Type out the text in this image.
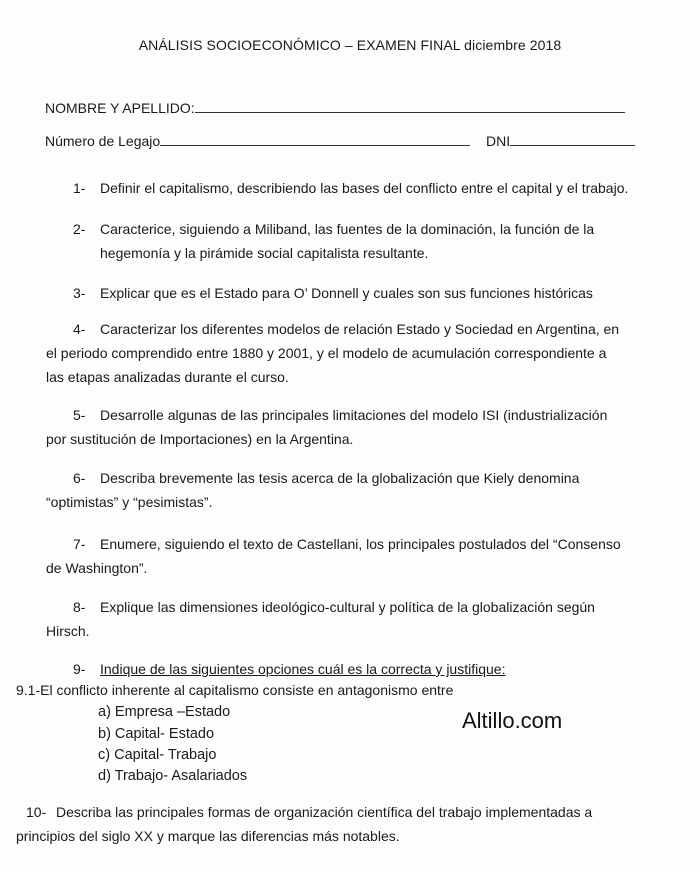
ANÁLISIS SOCIOECONÓMICO – EXAMEN FINAL diciembre 2018
NOMBRE Y APELLIDO:
Número de Legajo	DNI
1- Definir el capitalismo, describiendo las bases del conflicto entre el capital y el trabajo.
2- Caracterice, siguiendo a Miliband, las fuentes de la dominación, la función de la
hegemonía y la pirámide social capitalista resultante.
3- Explicar que es el Estado para O’ Donnell y cuales son sus funciones históricas
4- Caracterizar los diferentes modelos de relación Estado y Sociedad en Argentina, en
el periodo comprendido entre 1880 y 2001, y el modelo de acumulación correspondiente a
las etapas analizadas durante el curso.
5- Desarrolle algunas de las principales limitaciones del modelo ISI (industrialización
por sustitución de Importaciones) en la Argentina.
6- Describa brevemente las tesis acerca de la globalización que Kiely denomina
“optimistas” y “pesimistas”.
7- Enumere, siguiendo el texto de Castellani, los principales postulados del “Consenso
de Washington”.
8- Explique las dimensiones ideológico-cultural y política de la globalización según
Hirsch.
9- Indique de las siguientes opciones cuál es la correcta y justifique:
9.1-El conflicto inherente al capitalismo consiste en antagonismo entre
a) Empresa –Estado
b) Capital- Estado
c) Capital- Trabajo
d) Trabajo- Asalariados
Altillo.com
10- Describa las principales formas de organización científica del trabajo implementadas a
principios del siglo XX y marque las diferencias más notables.
